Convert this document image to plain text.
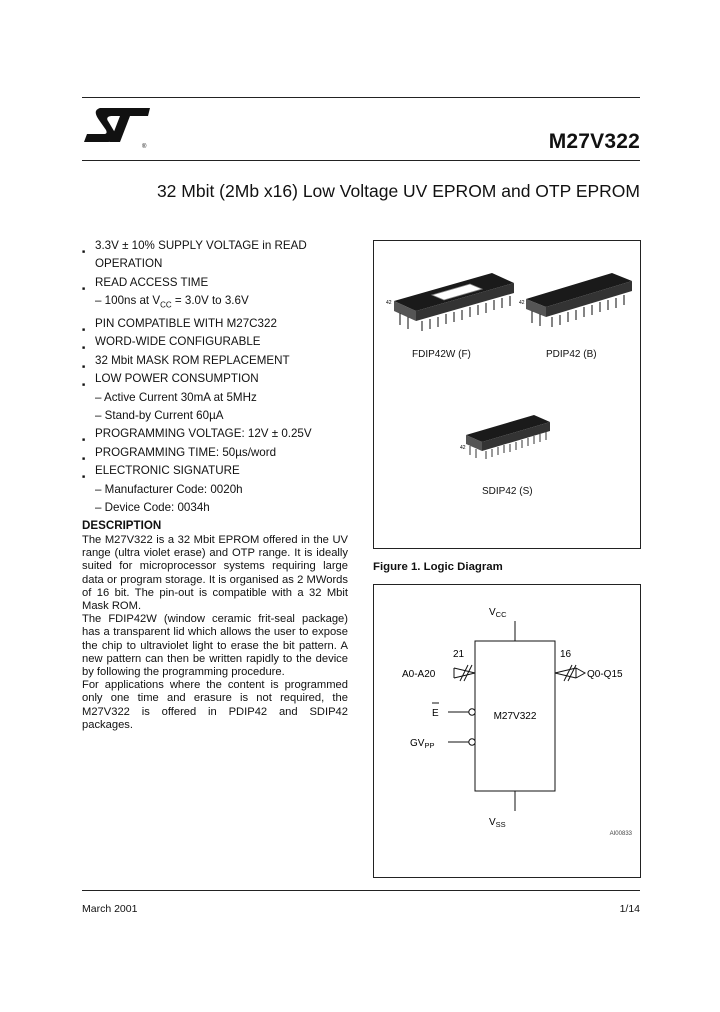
®	M27V322
32 Mbit (2Mb x16) Low Voltage UV EPROM and OTP EPROM
■ 3.3V ± 10% SUPPLY VOLTAGE in READ OPERATION
■ READ ACCESS TIME
– 100ns at $V_{CC} = 3.0V$ to 3.6V
■ PIN COMPATIBLE WITH M27C322
■ WORD-WIDE CONFIGURABLE
■ 32 Mbit MASK ROM REPLACEMENT
■ LOW POWER CONSUMPTION
– Active Current 30mA at 5MHz
– Stand-by Current 60µA
■ PROGRAMMING VOLTAGE: 12V ± 0.25V
■ PROGRAMMING TIME: 50µs/word
■ ELECTRONIC SIGNATURE
– Manufacturer Code: 0020h
– Device Code: 0034h
DESCRIPTION

The M27V322 is a 32 Mbit EPROM offered in the UV range (ultra violet erase) and OTP range. It is ideally suited for microprocessor systems requiring large data or program storage. It is organised as 2 MWords of 16 bit. The pin-out is compatible with a 32 Mbit Mask ROM.

The FDIP42W (window ceramic frit-seal package) has a transparent lid which allows the user to expose the chip to ultraviolet light to erase the bit pattern. A new pattern can then be written rapidly to the device by following the programming procedure.

For applications where the content is programmed only one time and erasure is not required, the M27V322 is offered in PDIP42 and SDIP42 packages.

42	42
42
FDIP42W (F)	PDIP42 (B)
SDIP42 (S)
Figure 1. Logic Diagram
M27V322
$V_{CC}$
$V_{SS}$
21
A0-A20
16
Q0-Q15
E
$GV_{PP}$
AI00833
March 2001	1/14
